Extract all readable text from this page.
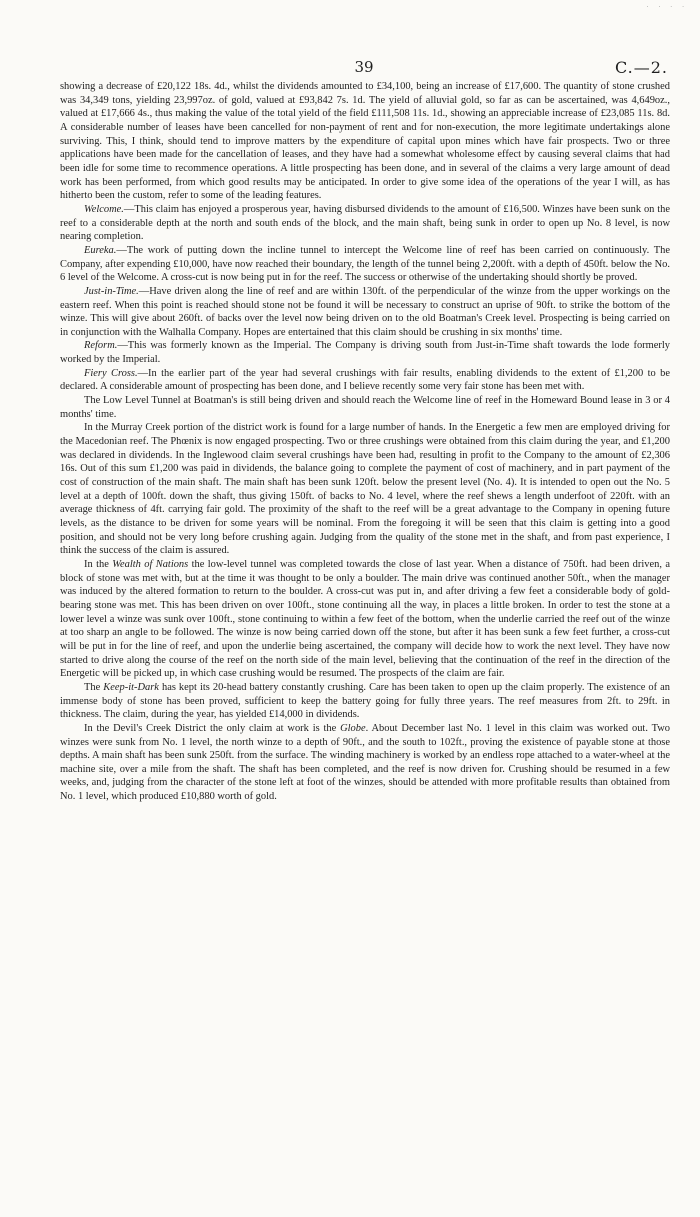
· · · ·
39	C.—2.

showing a decrease of £20,122 18s. 4d., whilst the dividends amounted to £34,100, being an increase of £17,600. The quantity of stone crushed was 34,349 tons, yielding 23,997oz. of gold, valued at £93,842 7s. 1d. The yield of alluvial gold, so far as can be ascertained, was 4,649oz., valued at £17,666 4s., thus making the value of the total yield of the field £111,508 11s. 1d., showing an appreciable increase of £23,085 11s. 8d. A considerable number of leases have been cancelled for non-payment of rent and for non-execution, the more legitimate undertakings alone surviving. This, I think, should tend to improve matters by the expenditure of capital upon mines which have fair prospects. Two or three applications have been made for the cancellation of leases, and they have had a somewhat wholesome effect by causing several claims that had been idle for some time to recommence operations. A little prospecting has been done, and in several of the claims a very large amount of dead work has been performed, from which good results may be anticipated. In order to give some idea of the operations of the year I will, as has hitherto been the custom, refer to some of the leading features.

Welcome.—This claim has enjoyed a prosperous year, having disbursed dividends to the amount of £16,500. Winzes have been sunk on the reef to a considerable depth at the north and south ends of the block, and the main shaft, being sunk in order to open up No. 8 level, is now nearing completion.

Eureka.—The work of putting down the incline tunnel to intercept the Welcome line of reef has been carried on continuously. The Company, after expending £10,000, have now reached their boundary, the length of the tunnel being 2,200ft. with a depth of 450ft. below the No. 6 level of the Welcome. A cross-cut is now being put in for the reef. The success or otherwise of the undertaking should shortly be proved.

Just-in-Time.—Have driven along the line of reef and are within 130ft. of the perpendicular of the winze from the upper workings on the eastern reef. When this point is reached should stone not be found it will be necessary to construct an uprise of 90ft. to strike the bottom of the winze. This will give about 260ft. of backs over the level now being driven on to the old Boatman's Creek level. Prospecting is being carried on in conjunction with the Walhalla Company. Hopes are entertained that this claim should be crushing in six months' time.

Reform.—This was formerly known as the Imperial. The Company is driving south from Just-in-Time shaft towards the lode formerly worked by the Imperial.

Fiery Cross.—In the earlier part of the year had several crushings with fair results, enabling dividends to the extent of £1,200 to be declared. A considerable amount of prospecting has been done, and I believe recently some very fair stone has been met with.

The Low Level Tunnel at Boatman's is still being driven and should reach the Welcome line of reef in the Homeward Bound lease in 3 or 4 months' time.

In the Murray Creek portion of the district work is found for a large number of hands. In the Energetic a few men are employed driving for the Macedonian reef. The Phœnix is now engaged prospecting. Two or three crushings were obtained from this claim during the year, and £1,200 was declared in dividends. In the Inglewood claim several crushings have been had, resulting in profit to the Company to the amount of £2,306 16s. Out of this sum £1,200 was paid in dividends, the balance going to complete the payment of cost of machinery, and in part payment of the cost of construction of the main shaft. The main shaft has been sunk 120ft. below the present level (No. 4). It is intended to open out the No. 5 level at a depth of 100ft. down the shaft, thus giving 150ft. of backs to No. 4 level, where the reef shews a length underfoot of 220ft. with an average thickness of 4ft. carrying fair gold. The proximity of the shaft to the reef will be a great advantage to the Company in opening future levels, as the distance to be driven for some years will be nominal. From the foregoing it will be seen that this claim is getting into a good position, and should not be very long before crushing again. Judging from the quality of the stone met in the shaft, and from past experience, I think the success of the claim is assured.

In the Wealth of Nations the low-level tunnel was completed towards the close of last year. When a distance of 750ft. had been driven, a block of stone was met with, but at the time it was thought to be only a boulder. The main drive was continued another 50ft., when the manager was induced by the altered formation to return to the boulder. A cross-cut was put in, and after driving a few feet a considerable body of gold-bearing stone was met. This has been driven on over 100ft., stone continuing all the way, in places a little broken. In order to test the stone at a lower level a winze was sunk over 100ft., stone continuing to within a few feet of the bottom, when the underlie carried the reef out of the winze at too sharp an angle to be followed. The winze is now being carried down off the stone, but after it has been sunk a few feet further, a cross-cut will be put in for the line of reef, and upon the underlie being ascertained, the company will decide how to work the next level. They have now started to drive along the course of the reef on the north side of the main level, believing that the continuation of the reef in the direction of the Energetic will be picked up, in which case crushing would be resumed. The prospects of the claim are fair.

The Keep-it-Dark has kept its 20-head battery constantly crushing. Care has been taken to open up the claim properly. The existence of an immense body of stone has been proved, sufficient to keep the battery going for fully three years. The reef measures from 2ft. to 29ft. in thickness. The claim, during the year, has yielded £14,000 in dividends.

In the Devil's Creek District the only claim at work is the Globe. About December last No. 1 level in this claim was worked out. Two winzes were sunk from No. 1 level, the north winze to a depth of 90ft., and the south to 102ft., proving the existence of payable stone at those depths. A main shaft has been sunk 250ft. from the surface. The winding machinery is worked by an endless rope attached to a water-wheel at the machine site, over a mile from the shaft. The shaft has been completed, and the reef is now driven for. Crushing should be resumed in a few weeks, and, judging from the character of the stone left at foot of the winzes, should be attended with more profitable results than obtained from No. 1 level, which produced £10,880 worth of gold.
